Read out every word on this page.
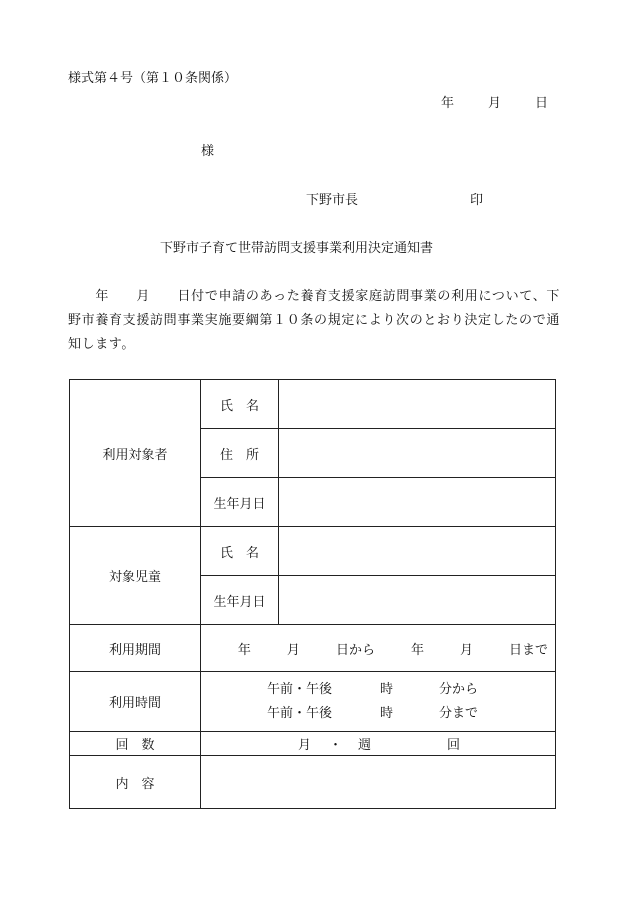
様式第４号（第１０条関係）
年	月	日
様
下野市長	印
下野市子育て世帯訪問支援事業利用決定通知書
　　年　　月　　日付で申請のあった養育支援家庭訪問事業の利用について、下野市養育支援訪問事業実施要綱第１０条の規定により次のとおり決定したので通知します。
利用対象者	氏　名	
	住　所	
	生年月日	
対象児童	氏　名	
	生年月日	
利用期間	年 月 日から 年 月 日まで	
利用時間	午前・午後 時 分から
午前・午後 時 分まで	

回　数	月 ・ 週 回	
内　容		
